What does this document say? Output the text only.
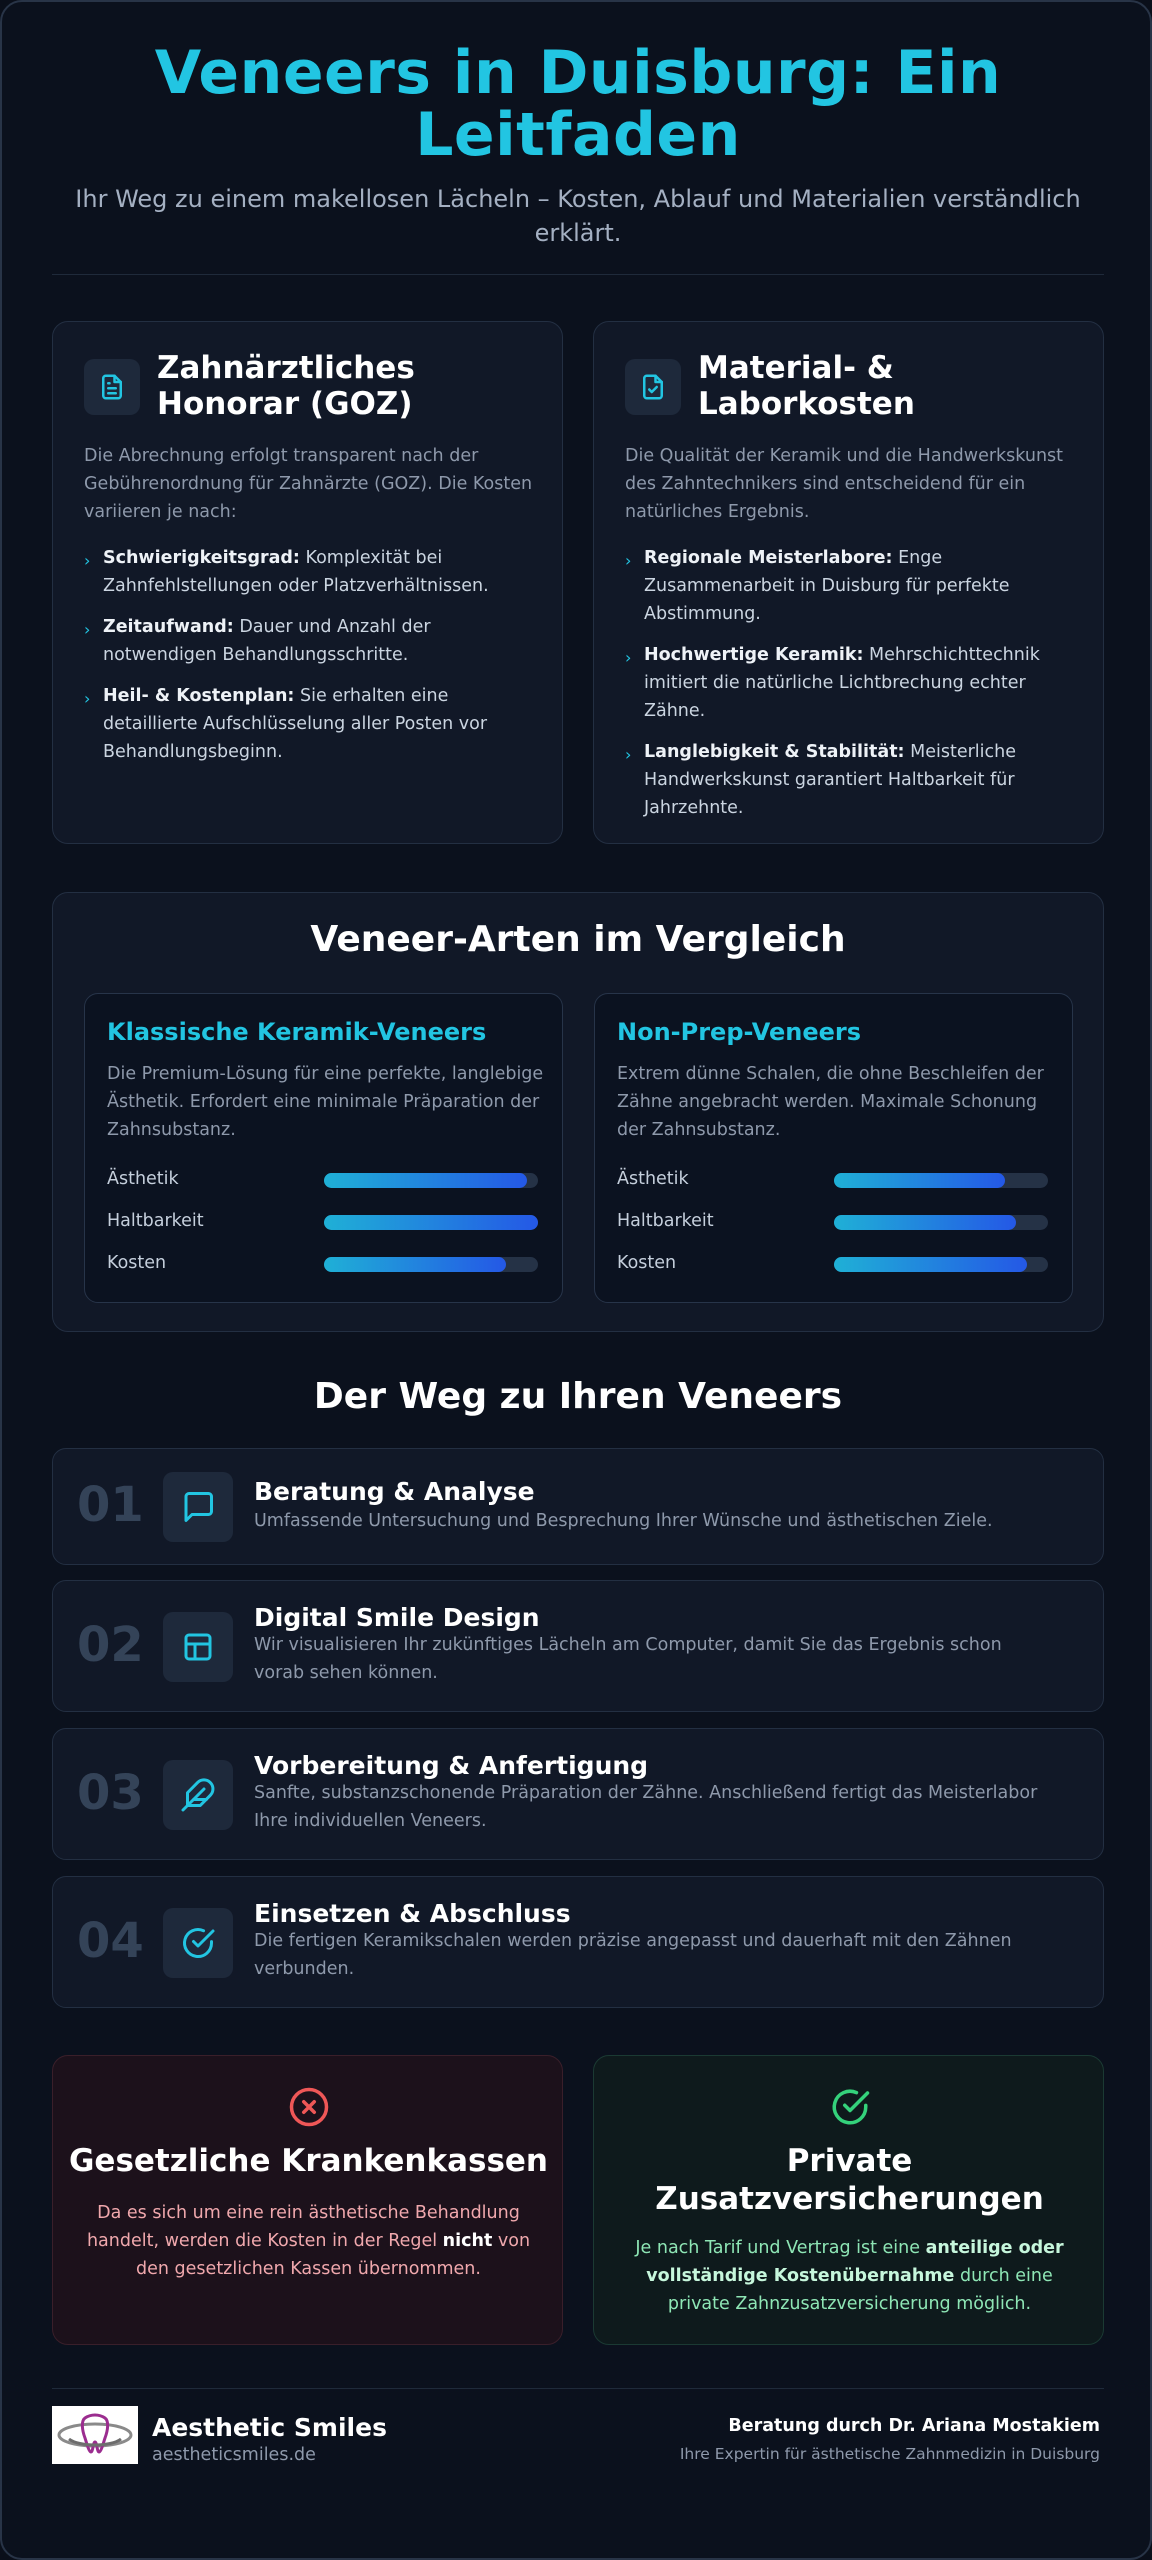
Veneers in Duisburg: Ein Leitfaden

Ihr Weg zu einem makellosen Lächeln – Kosten, Ablauf und Materialien verständlich erklärt.

Zahnärztliches Honorar (GOZ)
Die Abrechnung erfolgt transparent nach der Gebührenordnung für Zahnärzte (GOZ). Die Kosten variieren je nach:
› Schwierigkeitsgrad: Komplexität bei Zahnfehlstellungen oder Platzverhältnissen.
› Zeitaufwand: Dauer und Anzahl der notwendigen Behandlungsschritte.
› Heil- & Kostenplan: Sie erhalten eine detaillierte Aufschlüsselung aller Posten vor Behandlungsbeginn.
Material- & Laborkosten
Die Qualität der Keramik und die Handwerkskunst des Zahntechnikers sind entscheidend für ein natürliches Ergebnis.
› Regionale Meisterlabore: Enge Zusammenarbeit in Duisburg für perfekte Abstimmung.
› Hochwertige Keramik: Mehrschichttechnik imitiert die natürliche Lichtbrechung echter Zähne.
› Langlebigkeit & Stabilität: Meisterliche Handwerkskunst garantiert Haltbarkeit für Jahrzehnte.
Veneer-Arten im Vergleich
Klassische Keramik-Veneers
Die Premium-Lösung für eine perfekte, langlebige Ästhetik. Erfordert eine minimale Präparation der Zahnsubstanz.
Ästhetik
Haltbarkeit
Kosten
Non-Prep-Veneers
Extrem dünne Schalen, die ohne Beschleifen der Zähne angebracht werden. Maximale Schonung der Zahnsubstanz.
Ästhetik
Haltbarkeit
Kosten
Der Weg zu Ihren Veneers
01	Beratung & Analyse
Umfassende Untersuchung und Besprechung Ihrer Wünsche und ästhetischen Ziele.
02	Digital Smile Design
Wir visualisieren Ihr zukünftiges Lächeln am Computer, damit Sie das Ergebnis schon vorab sehen können.
03	Vorbereitung & Anfertigung
Sanfte, substanzschonende Präparation der Zähne. Anschließend fertigt das Meisterlabor Ihre individuellen Veneers.
04	Einsetzen & Abschluss
Die fertigen Keramikschalen werden präzise angepasst und dauerhaft mit den Zähnen verbunden.
Gesetzliche Krankenkassen

Da es sich um eine rein ästhetische Behandlung handelt, werden die Kosten in der Regel nicht von den gesetzlichen Kassen übernommen.

Private Zusatzversicherungen

Je nach Tarif und Vertrag ist eine anteilige oder vollständige Kostenübernahme durch eine private Zahnzusatzversicherung möglich.

Aesthetic Smiles
aestheticsmiles.de
Beratung durch Dr. Ariana Mostakiem
Ihre Expertin für ästhetische Zahnmedizin in Duisburg
